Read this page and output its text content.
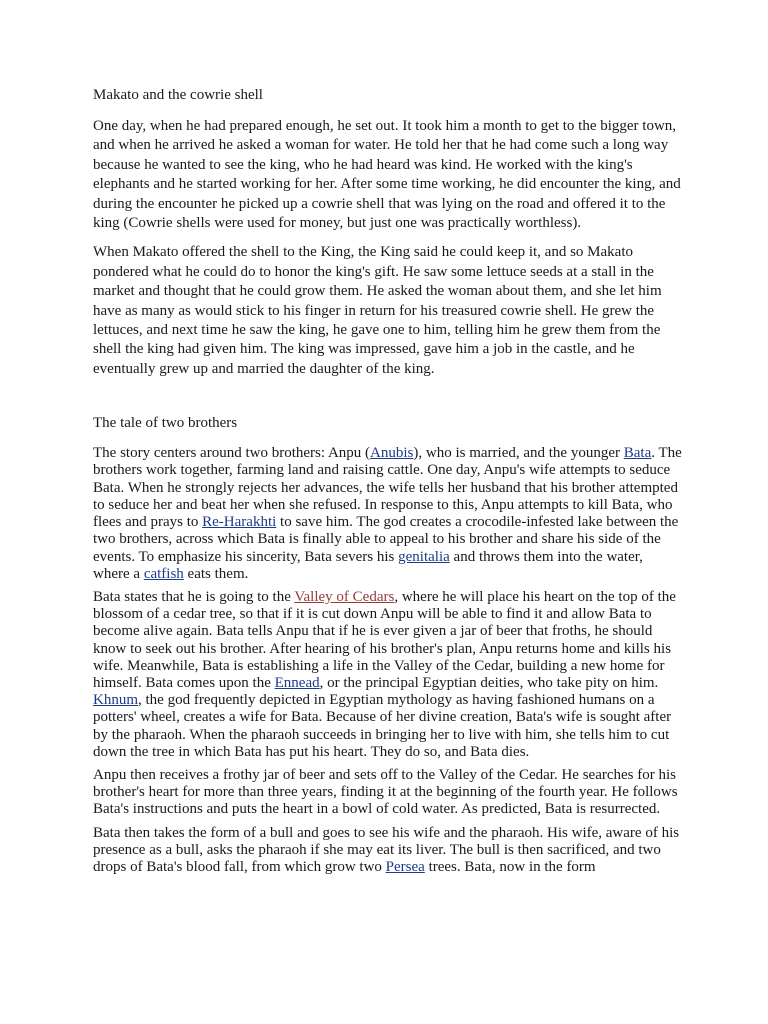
Makato and the cowrie shell

One day, when he had prepared enough, he set out. It took him a month to get to the bigger town, and when he arrived he asked a woman for water. He told her that he had come such a long way because he wanted to see the king, who he had heard was kind. He worked with the king's elephants and he started working for her. After some time working, he did encounter the king, and during the encounter he picked up a cowrie shell that was lying on the road and offered it to the king (Cowrie shells were used for money, but just one was practically worthless).

When Makato offered the shell to the King, the King said he could keep it, and so Makato pondered what he could do to honor the king's gift. He saw some lettuce seeds at a stall in the market and thought that he could grow them. He asked the woman about them, and she let him have as many as would stick to his finger in return for his treasured cowrie shell. He grew the lettuces, and next time he saw the king, he gave one to him, telling him he grew them from the shell the king had given him. The king was impressed, gave him a job in the castle, and he eventually grew up and married the daughter of the king.

The tale of two brothers

The story centers around two brothers: Anpu (Anubis), who is married, and the younger Bata. The brothers work together, farming land and raising cattle. One day, Anpu's wife attempts to seduce Bata. When he strongly rejects her advances, the wife tells her husband that his brother attempted to seduce her and beat her when she refused. In response to this, Anpu attempts to kill Bata, who flees and prays to Re-Harakhti to save him. The god creates a crocodile-infested lake between the two brothers, across which Bata is finally able to appeal to his brother and share his side of the events. To emphasize his sincerity, Bata severs his genitalia and throws them into the water, where a catfish eats them.

Bata states that he is going to the Valley of Cedars, where he will place his heart on the top of the blossom of a cedar tree, so that if it is cut down Anpu will be able to find it and allow Bata to become alive again. Bata tells Anpu that if he is ever given a jar of beer that froths, he should know to seek out his brother. After hearing of his brother's plan, Anpu returns home and kills his wife. Meanwhile, Bata is establishing a life in the Valley of the Cedar, building a new home for himself. Bata comes upon the Ennead, or the principal Egyptian deities, who take pity on him. Khnum, the god frequently depicted in Egyptian mythology as having fashioned humans on a potters' wheel, creates a wife for Bata. Because of her divine creation, Bata's wife is sought after by the pharaoh. When the pharaoh succeeds in bringing her to live with him, she tells him to cut down the tree in which Bata has put his heart. They do so, and Bata dies.

Anpu then receives a frothy jar of beer and sets off to the Valley of the Cedar. He searches for his brother's heart for more than three years, finding it at the beginning of the fourth year. He follows Bata's instructions and puts the heart in a bowl of cold water. As predicted, Bata is resurrected.

Bata then takes the form of a bull and goes to see his wife and the pharaoh. His wife, aware of his presence as a bull, asks the pharaoh if she may eat its liver. The bull is then sacrificed, and two drops of Bata's blood fall, from which grow two Persea trees. Bata, now in the form
